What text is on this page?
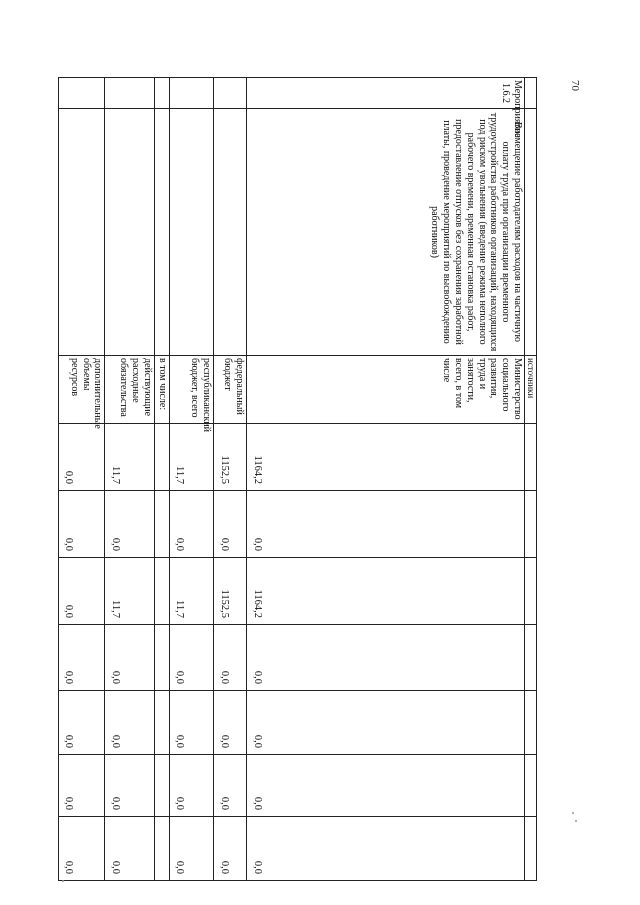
70
		источники							
Мероприятие 1.6.2	Возмещение работодателям расходов на частичную оплату труда при организации временного трудоустройства работников организаций, находящихся под риском увольнения (введение режима неполного рабочего времени, временная остановка работ, предоставление отпусков без сохранения заработной платы, проведение мероприятий по высвобождению работников)	Министерство социального развития, труда и занятости, всего, в том числе	1164,2	0,0	1164,2	0,0	0,0	0,0	0,0
		федеральный бюджет	1152,5	0,0	1152,5	0,0	0,0	0,0	0,0
		республиканский бюджет, всего	11,7	0,0	11,7	0,0	0,0	0,0	0,0
		в том числе:							
		действующие расходные обязательства	11,7	0,0	11,7	0,0	0,0	0,0	0,0
		дополнительные объемы ресурсов	0,0	0,0	0,0	0,0	0,0	0,0	0,0
